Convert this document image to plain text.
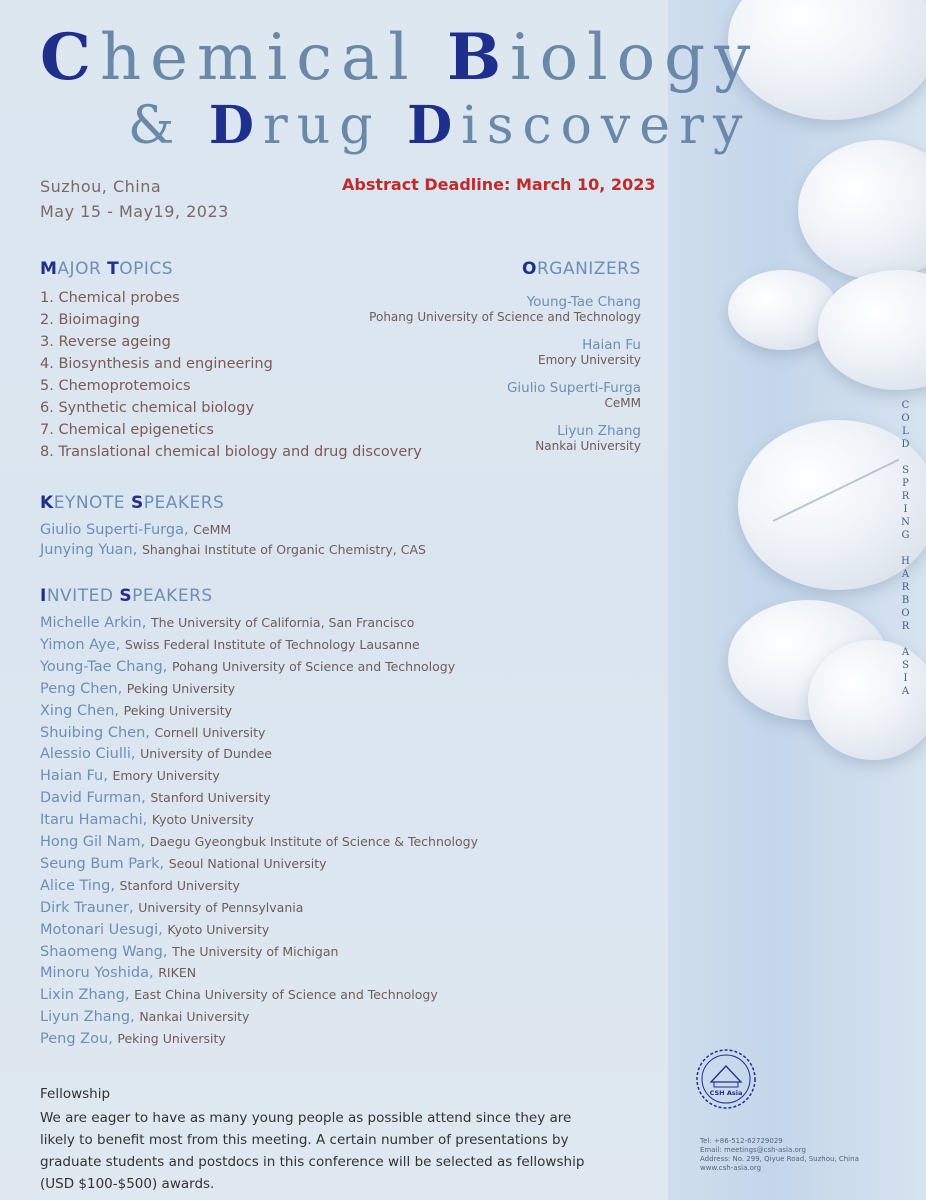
Chemical Biology
& Drug Discovery
Suzhou, China
May 15 - May19, 2023
Abstract Deadline: March 10, 2023
MAJOR TOPICS
1. Chemical probes
2. Bioimaging
3. Reverse ageing
4. Biosynthesis and engineering
5. Chemoprotemoics
6. Synthetic chemical biology
7. Chemical epigenetics
8. Translational chemical biology and drug discovery
ORGANIZERS
Young-Tae Chang
Pohang University of Science and Technology
Haian Fu
Emory University
Giulio Superti-Furga
CeMM
Liyun Zhang
Nankai University
KEYNOTE SPEAKERS
Giulio Superti-Furga, CeMM
Junying Yuan, Shanghai Institute of Organic Chemistry, CAS
INVITED SPEAKERS
Michelle Arkin, The University of California, San Francisco
Yimon Aye, Swiss Federal Institute of Technology Lausanne
Young-Tae Chang, Pohang University of Science and Technology
Peng Chen, Peking University
Xing Chen, Peking University
Shuibing Chen, Cornell University
Alessio Ciulli, University of Dundee
Haian Fu, Emory University
David Furman, Stanford University
Itaru Hamachi, Kyoto University
Hong Gil Nam, Daegu Gyeongbuk Institute of Science & Technology
Seung Bum Park, Seoul National University
Alice Ting, Stanford University
Dirk Trauner, University of Pennsylvania
Motonari Uesugi, Kyoto University
Shaomeng Wang, The University of Michigan
Minoru Yoshida, RIKEN
Lixin Zhang, East China University of Science and Technology
Liyun Zhang, Nankai University
Peng Zou, Peking University
Fellowship
We are eager to have as many young people as possible attend since they are likely to benefit most from this meeting. A certain number of presentations by graduate students and postdocs in this conference will be selected as fellowship (USD $100-$500) awards.
COLD SPRING HARBOR ASIA
CSH Asia
Tel: +86-512-62729029
Email: meetings@csh-asia.org
Address: No. 299, Qiyue Road, Suzhou, China
www.csh-asia.org
